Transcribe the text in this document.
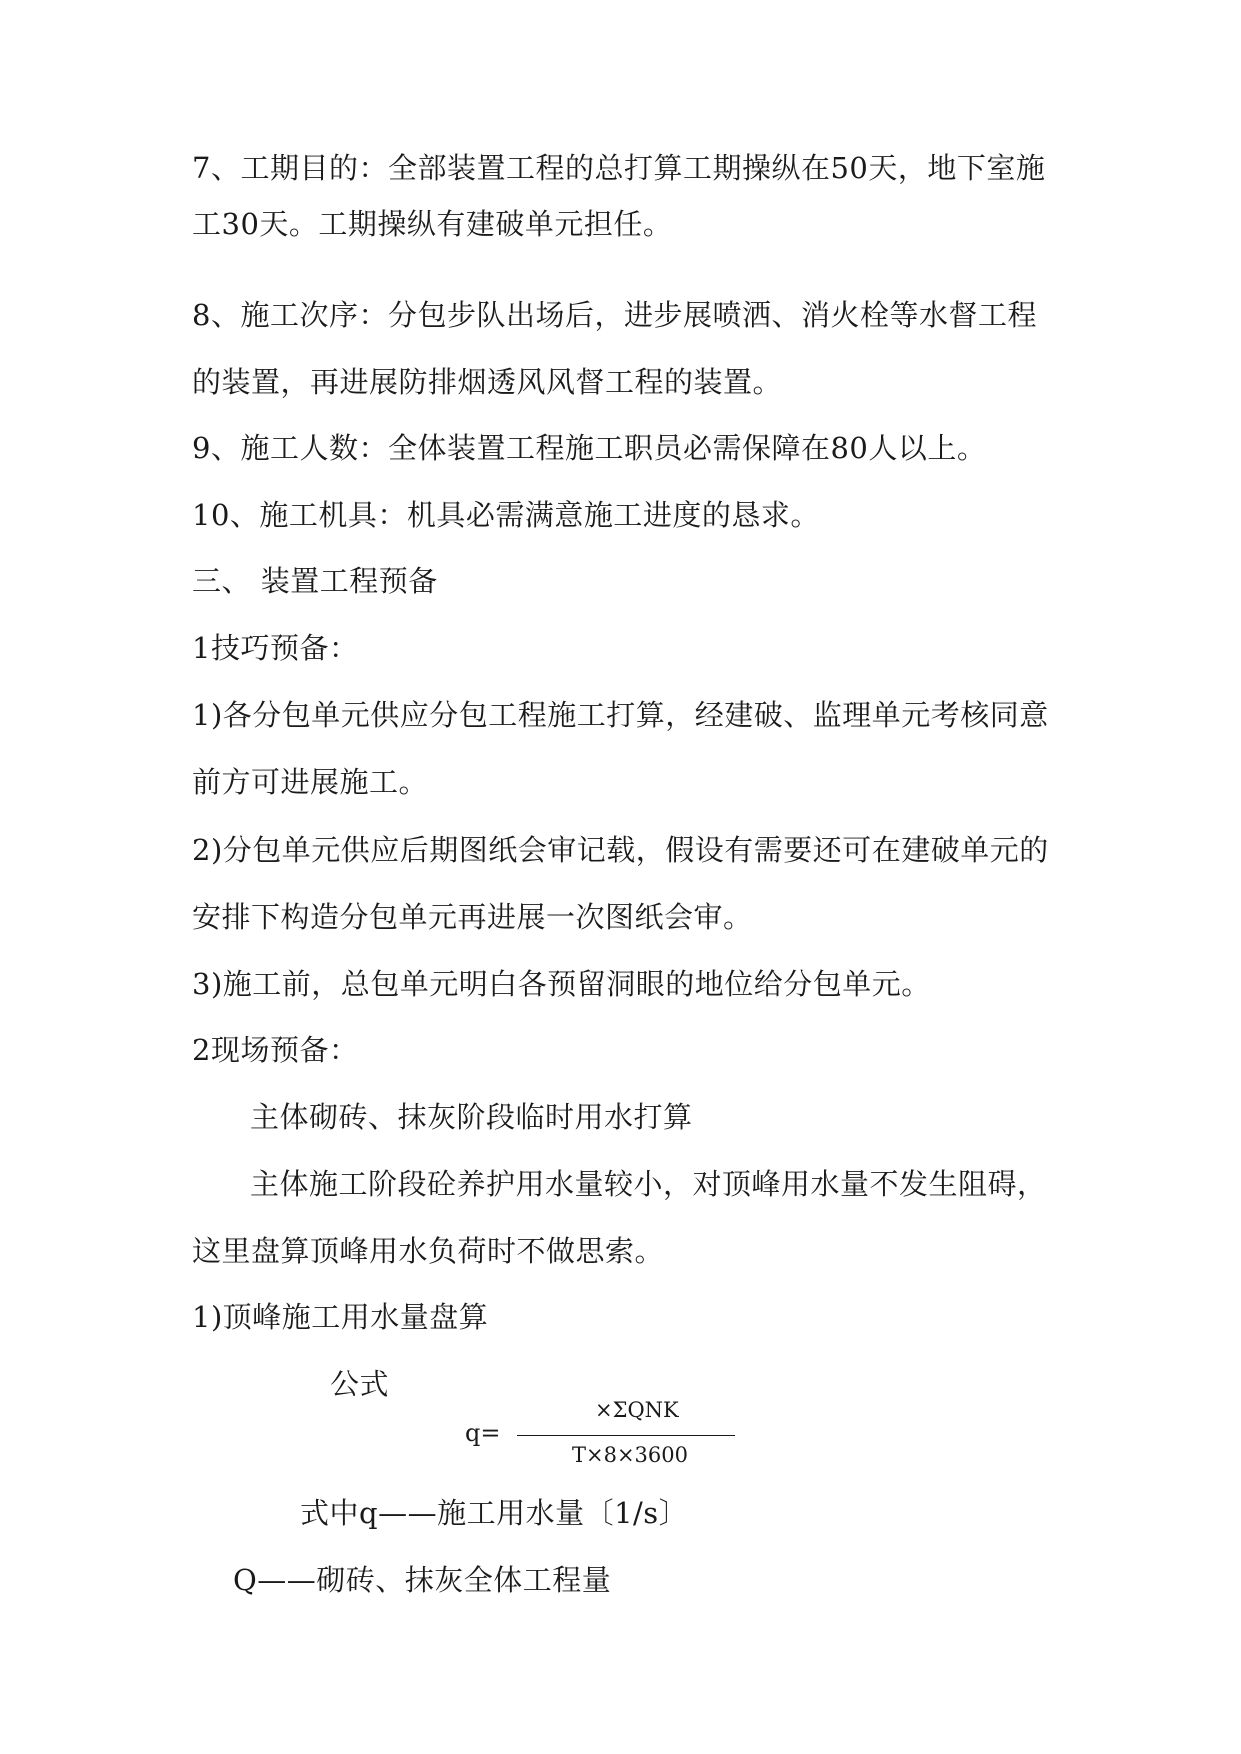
7、工期目的：全部装置工程的总打算工期操纵在50天，地下室施
工30天。工期操纵有建破单元担任。
8、施工次序：分包步队出场后，进步展喷洒、消火栓等水督工程
的装置，再进展防排烟透风风督工程的装置。
9、施工人数：全体装置工程施工职员必需保障在80人以上。
10、施工机具：机具必需满意施工进度的恳求。
三、 装置工程预备
1技巧预备：
1)各分包单元供应分包工程施工打算，经建破、监理单元考核同意
前方可进展施工。
2)分包单元供应后期图纸会审记载，假设有需要还可在建破单元的
安排下构造分包单元再进展一次图纸会审。
3)施工前，总包单元明白各预留洞眼的地位给分包单元。
2现场预备：
主体砌砖、抹灰阶段临时用水打算
主体施工阶段砼养护用水量较小，对顶峰用水量不发生阻碍，
这里盘算顶峰用水负荷时不做思索。
1)顶峰施工用水量盘算
公式
q=
×ΣQNK
T×8×3600
式中q——施工用水量〔1/s〕
Q——砌砖、抹灰全体工程量
